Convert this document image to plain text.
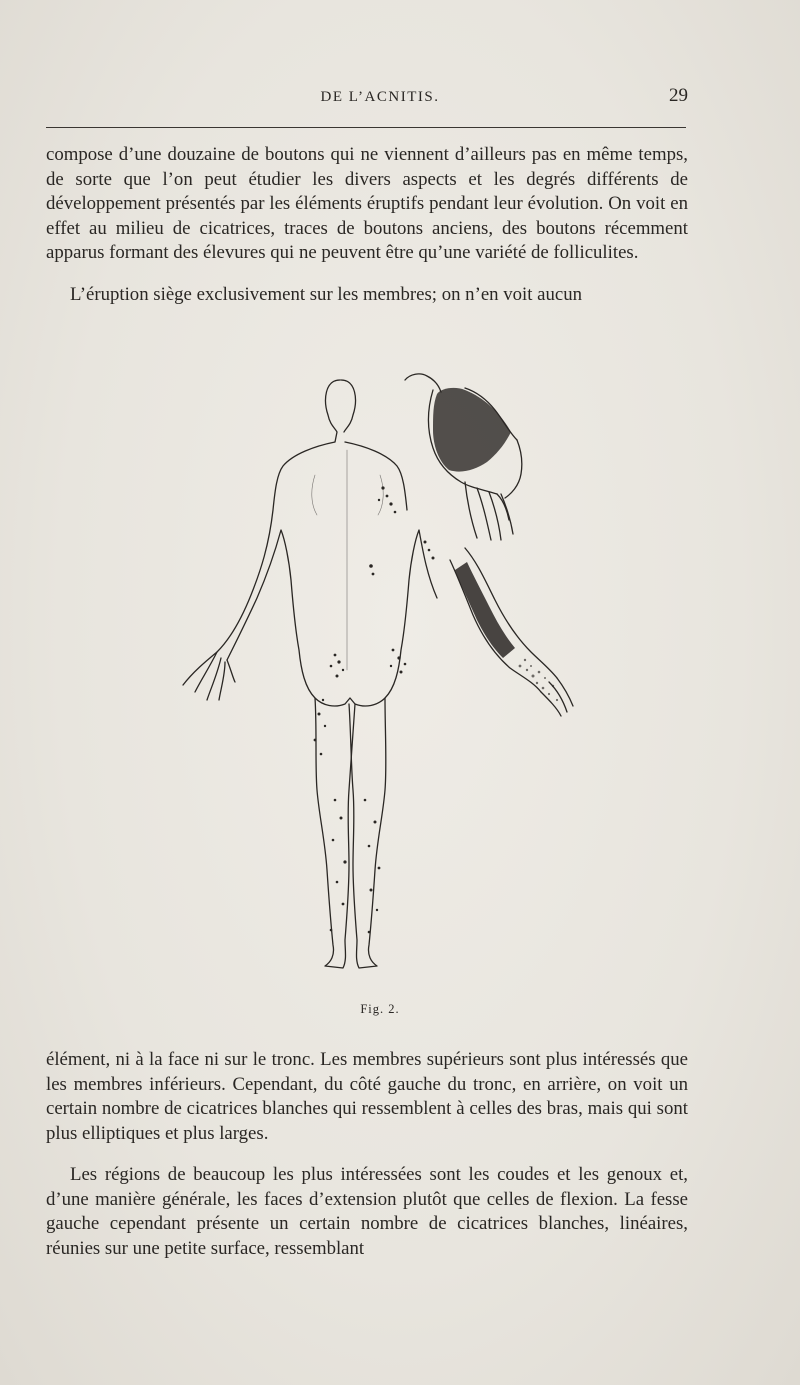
DE L’ACNITIS.	29

compose d’une douzaine de boutons qui ne viennent d’ailleurs pas en même temps, de sorte que l’on peut étudier les divers aspects et les degrés différents de développement présentés par les éléments éruptifs pendant leur évolution. On voit en effet au milieu de cicatrices, traces de boutons anciens, des boutons récemment apparus formant des élevures qui ne peuvent être qu’une variété de folliculites.

L’éruption siège exclusivement sur les membres; on n’en voit aucun

Fig. 2.

élément, ni à la face ni sur le tronc. Les membres supérieurs sont plus intéressés que les membres inférieurs. Cependant, du côté gauche du tronc, en arrière, on voit un certain nombre de cicatrices blanches qui ressemblent à celles des bras, mais qui sont plus elliptiques et plus larges.

Les régions de beaucoup les plus intéressées sont les coudes et les genoux et, d’une manière générale, les faces d’extension plutôt que celles de flexion. La fesse gauche cependant présente un certain nombre de cicatrices blanches, linéaires, réunies sur une petite surface, ressemblant
